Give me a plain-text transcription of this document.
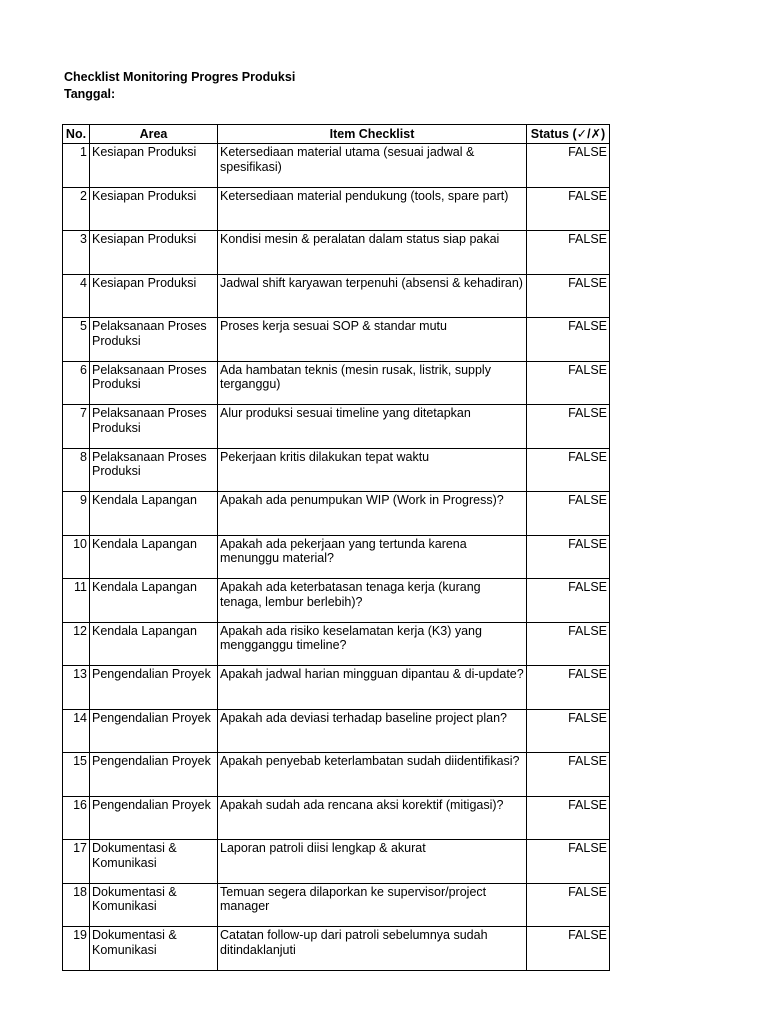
Checklist Monitoring Progres Produksi
Tanggal:
No.	Area	Item Checklist	Status (✓/✗)
1	Kesiapan Produksi	Ketersediaan material utama (sesuai jadwal & spesifikasi)	FALSE
2	Kesiapan Produksi	Ketersediaan material pendukung (tools, spare part)	FALSE
3	Kesiapan Produksi	Kondisi mesin & peralatan dalam status siap pakai	FALSE
4	Kesiapan Produksi	Jadwal shift karyawan terpenuhi (absensi & kehadiran)	FALSE
5	Pelaksanaan Proses Produksi	Proses kerja sesuai SOP & standar mutu	FALSE
6	Pelaksanaan Proses Produksi	Ada hambatan teknis (mesin rusak, listrik, supply terganggu)	FALSE
7	Pelaksanaan Proses Produksi	Alur produksi sesuai timeline yang ditetapkan	FALSE
8	Pelaksanaan Proses Produksi	Pekerjaan kritis dilakukan tepat waktu	FALSE
9	Kendala Lapangan	Apakah ada penumpukan WIP (Work in Progress)?	FALSE
10	Kendala Lapangan	Apakah ada pekerjaan yang tertunda karena menunggu material?	FALSE
11	Kendala Lapangan	Apakah ada keterbatasan tenaga kerja (kurang tenaga, lembur berlebih)?	FALSE
12	Kendala Lapangan	Apakah ada risiko keselamatan kerja (K3) yang mengganggu timeline?	FALSE
13	Pengendalian Proyek	Apakah jadwal harian mingguan dipantau & di-update?	FALSE
14	Pengendalian Proyek	Apakah ada deviasi terhadap baseline project plan?	FALSE
15	Pengendalian Proyek	Apakah penyebab keterlambatan sudah diidentifikasi?	FALSE
16	Pengendalian Proyek	Apakah sudah ada rencana aksi korektif (mitigasi)?	FALSE
17	Dokumentasi & Komunikasi	Laporan patroli diisi lengkap & akurat	FALSE
18	Dokumentasi & Komunikasi	Temuan segera dilaporkan ke supervisor/project manager	FALSE
19	Dokumentasi & Komunikasi	Catatan follow-up dari patroli sebelumnya sudah ditindaklanjuti	FALSE
